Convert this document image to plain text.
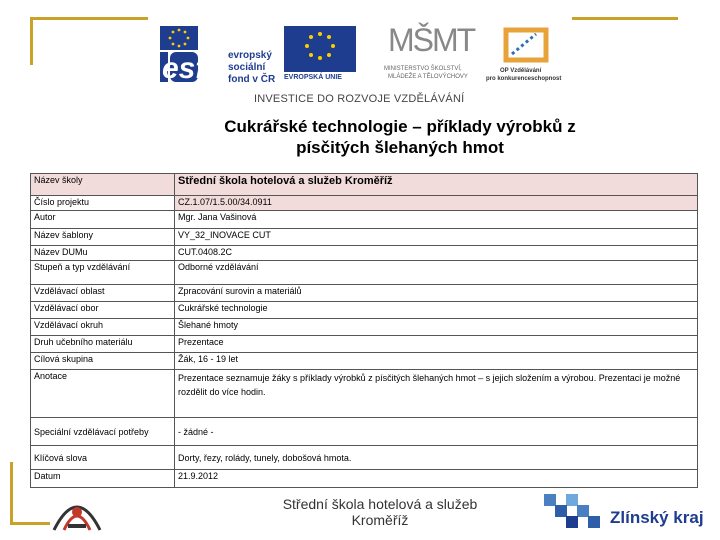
esf evropský
sociální
fond v ČR EVROPSKÁ UNIE
MŠMT
MINISTERSTVO ŠKOLSTVÍ,
MLÁDEŽE A TĚLOVÝCHOVY
OP Vzdělávání
pro konkurenceschopnost
INVESTICE DO ROZVOJE VZDĚLÁVÁNÍ
Cukrářské technologie – příklady výrobků z
písčitých šlehaných hmot
Název školy	Střední škola hotelová a služeb Kroměříž
Číslo projektu	CZ.1.07/1.5.00/34.0911
Autor	Mgr. Jana Vašinová
Název šablony	VY_32_INOVACE CUT
Název DUMu	CUT.0408.2C
Stupeň a typ vzdělávání	Odborné vzdělávání
Vzdělávací oblast	Zpracování surovin a materiálů
Vzdělávací obor	Cukrářské technologie
Vzdělávací okruh	Šlehané hmoty
Druh učebního materiálu	Prezentace
Cílová skupina	Žák, 16 - 19 let
Anotace	Prezentace seznamuje žáky s příklady výrobků z písčitých šlehaných hmot – s jejich složením a výrobou. Prezentaci je možné rozdělit do více hodin.
Speciální vzdělávací potřeby	- žádné -
Klíčová slova	Dorty, řezy, rolády, tunely, dobošová hmota.
Datum	21.9.2012
Střední škola hotelová a služeb
Kroměříž	Zlínský kraj
